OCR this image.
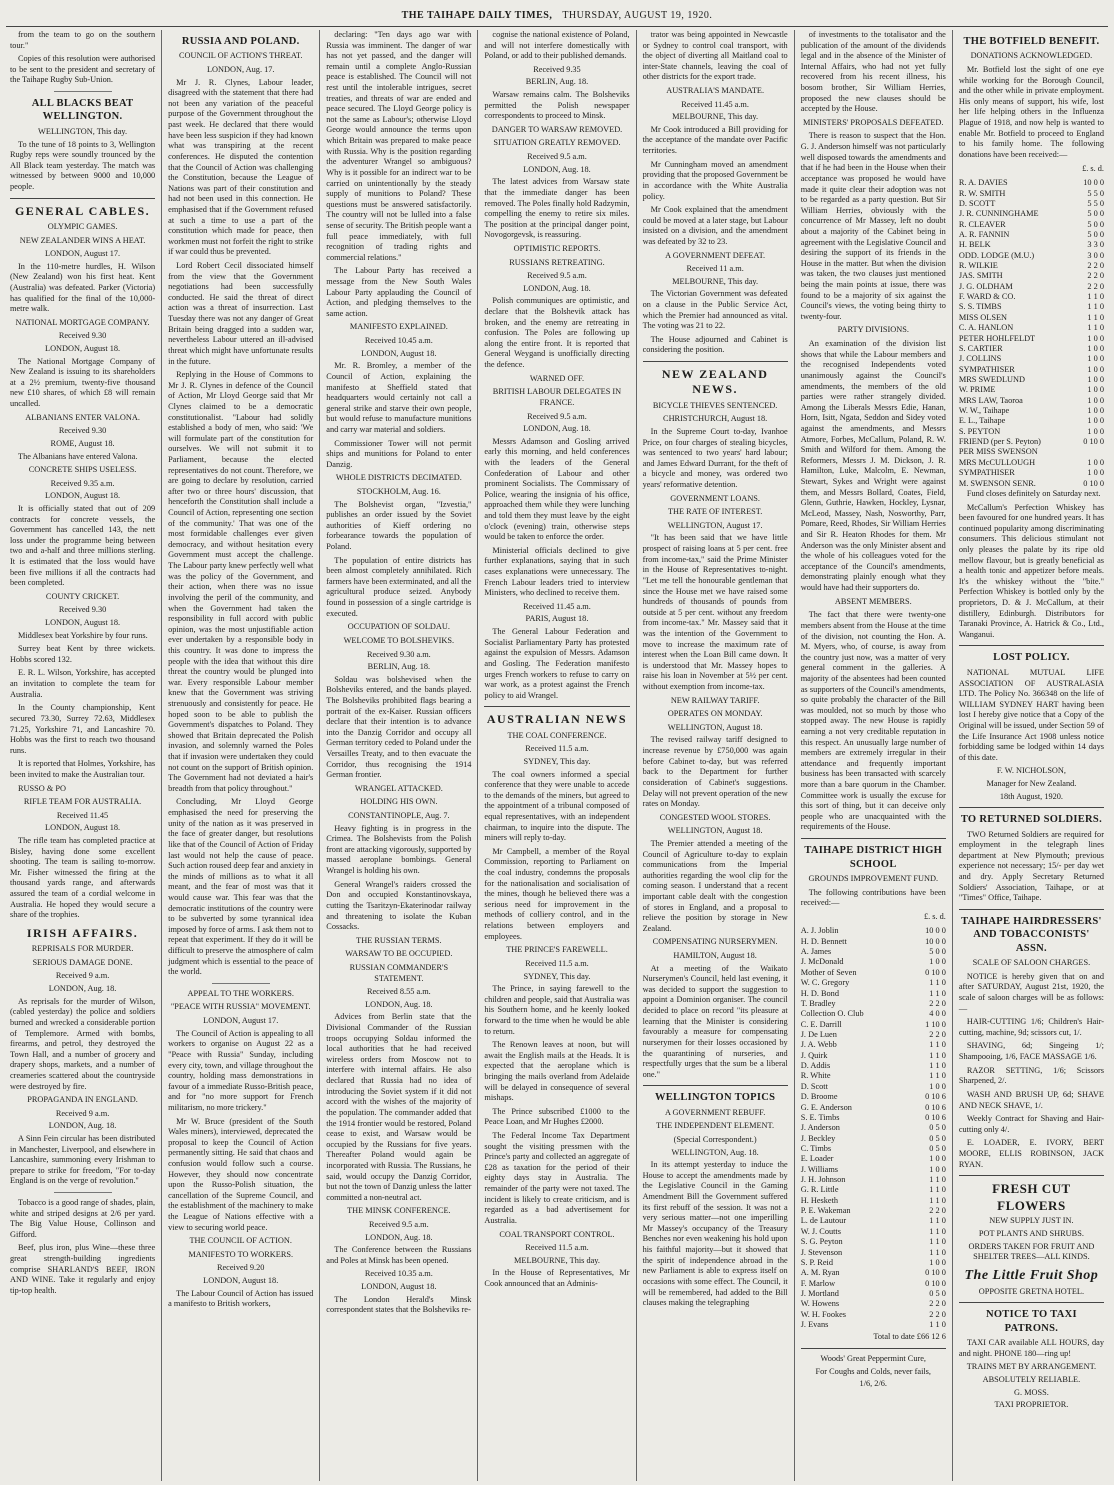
THE TAIHAPE DAILY TIMES, THURSDAY, AUGUST 19, 1920.

from the team to go on the southern tour."

Copies of this resolution were authorised to be sent to the president and secretary of the Taihape Rugby Sub-Union.

ALL BLACKS BEAT WELLINGTON.
WELLINGTON, This day.

To the tune of 18 points to 3, Wellington Rugby reps were soundly trounced by the All Black team yesterday. The match was witnessed by between 9000 and 10,000 people.

GENERAL CABLES.
OLYMPIC GAMES.
NEW ZEALANDER WINS A HEAT.
LONDON, August 17.

In the 110-metre hurdles, H. Wilson (New Zealand) won his first heat. Kent (Australia) was defeated. Parker (Victoria) has qualified for the final of the 10,000-metre walk.

NATIONAL MORTGAGE COMPANY.
Received 9.30
LONDON, August 18.

The National Mortgage Company of New Zealand is issuing to its shareholders at a 2½ premium, twenty-five thousand new £10 shares, of which £8 will remain uncalled.

ALBANIANS ENTER VALONA.
Received 9.30
ROME, August 18.

The Albanians have entered Valona.

CONCRETE SHIPS USELESS.
Received 9.35 a.m.
LONDON, August 18.

It is officially stated that out of 209 contracts for concrete vessels, the Government has cancelled 143, the nett loss under the programme being between two and a-half and three millions sterling. It is estimated that the loss would have been five millions if all the contracts had been completed.

COUNTY CRICKET.
Received 9.30
LONDON, August 18.

Middlesex beat Yorkshire by four runs.

Surrey beat Kent by three wickets. Hobbs scored 132.

E. R. L. Wilson, Yorkshire, has accepted an invitation to complete the team for Australia.

In the County championship, Kent secured 73.30, Surrey 72.63, Middlesex 71.25, Yorkshire 71, and Lancashire 70. Hobbs was the first to reach two thousand runs.

It is reported that Holmes, Yorkshire, has been invited to make the Australian tour.

RUSSO & PO

RIFLE TEAM FOR AUSTRALIA.
Received 11.45
LONDON, August 18.

The rifle team has completed practice at Bisley, having done some excellent shooting. The team is sailing to-morrow. Mr. Fisher witnessed the firing at the thousand yards range, and afterwards assured the team of a cordial welcome in Australia. He hoped they would secure a share of the trophies.

IRISH AFFAIRS.
REPRISALS FOR MURDER.
SERIOUS DAMAGE DONE.
Received 9 a.m.
LONDON, Aug. 18.

As reprisals for the murder of Wilson, (cabled yesterday) the police and soldiers burned and wrecked a considerable portion of Templemore. Armed with bombs, firearms, and petrol, they destroyed the Town Hall, and a number of grocery and drapery shops, markets, and a number of creameries scattered about the countryside were destroyed by fire.

PROPAGANDA IN ENGLAND.
Received 9 a.m.
LONDON, Aug. 18.

A Sinn Fein circular has been distributed in Manchester, Liverpool, and elsewhere in Lancashire, summoning every Irishman to prepare to strike for freedom, "For to-day England is on the verge of revolution."

Tobacco is a good range of shades, plain, white and striped designs at 2/6 per yard. The Big Value House, Collinson and Gifford.

Beef, plus iron, plus Wine—these three great strength-building ingredients comprise SHARLAND'S BEEF, IRON AND WINE. Take it regularly and enjoy tip-top health.

RUSSIA AND POLAND.
COUNCIL OF ACTION'S THREAT.
LONDON, Aug. 17.

Mr J. R. Clynes, Labour leader, disagreed with the statement that there had not been any variation of the peaceful purpose of the Government throughout the past week. He declared that there would have been less suspicion if they had known what was transpiring at the recent conferences. He disputed the contention that the Council of Action was challenging the Constitution, because the League of Nations was part of their constitution and had not been used in this connection. He emphasised that if the Government refused at such a time to use a part of the constitution which made for peace, then workmen must not forfeit the right to strike if war could thus be prevented.

Lord Robert Cecil dissociated himself from the view that the Government negotiations had been successfully conducted. He said the threat of direct action was a threat of insurrection. Last Tuesday there was not any danger of Great Britain being dragged into a sudden war, nevertheless Labour uttered an ill-advised threat which might have unfortunate results in the future.

Replying in the House of Commons to Mr J. R. Clynes in defence of the Council of Action, Mr Lloyd George said that Mr Clynes claimed to be a democratic constitutionalist. "Labour had solidly established a body of men, who said: 'We will formulate part of the constitution for ourselves. We will not submit it to Parliament, because the elected representatives do not count. Therefore, we are going to declare by resolution, carried after two or three hours' discussion, that henceforth the Constitution shall include a Council of Action, representing one section of the community.' That was one of the most formidable challenges ever given democracy, and without hesitation every Government must accept the challenge. The Labour party knew perfectly well what was the policy of the Government, and their action, when there was no issue involving the peril of the community, and when the Government had taken the responsibility in full accord with public opinion, was the most unjustifiable action ever undertaken by a responsible body in this country. It was done to impress the people with the idea that without this dire threat the country would be plunged into war. Every responsible Labour member knew that the Government was striving strenuously and consistently for peace. He hoped soon to be able to publish the Government's dispatches to Poland. They showed that Britain deprecated the Polish invasion, and solemnly warned the Poles that if invasion were undertaken they could not count on the support of British opinion. The Government had not deviated a hair's breadth from that policy throughout."

Concluding, Mr Lloyd George emphasised the need for preserving the unity of the nation as it was preserved in the face of greater danger, but resolutions like that of the Council of Action of Friday last would not help the cause of peace. Such action roused deep fear and anxiety in the minds of millions as to what it all meant, and the fear of most was that it would cause war. This fear was that the democratic institutions of the country were to be subverted by some tyrannical idea imposed by force of arms. I ask them not to repeat that experiment. If they do it will be difficult to preserve the atmosphere of calm judgment which is essential to the peace of the world.

APPEAL TO THE WORKERS.
"PEACE WITH RUSSIA" MOVEMENT.
LONDON, August 17.

The Council of Action is appealing to all workers to organise on August 22 as a "Peace with Russia" Sunday, including every city, town, and village throughout the country, holding mass demonstrations in favour of a immediate Russo-British peace, and for "no more support for French militarism, no more trickery."

Mr W. Bruce (president of the South Wales miners), interviewed, deprecated the proposal to keep the Council of Action permanently sitting. He said that chaos and confusion would follow such a course. However, they should now concentrate upon the Russo-Polish situation, the cancellation of the Supreme Council, and the establishment of the machinery to make the League of Nations effective with a view to securing world peace.

THE COUNCIL OF ACTION.
MANIFESTO TO WORKERS.
Received 9.20
LONDON, August 18.

The Labour Council of Action has issued a manifesto to British workers,

declaring: "Ten days ago war with Russia was imminent. The danger of war has not yet passed, and the danger will remain until a complete Anglo-Russian peace is established. The Council will not rest until the intolerable intrigues, secret treaties, and threats of war are ended and peace secured. The Lloyd George policy is not the same as Labour's; otherwise Lloyd George would announce the terms upon which Britain was prepared to make peace with Russia. Why is the position regarding the adventurer Wrangel so ambiguous? Why is it possible for an indirect war to be carried on unintentionally by the steady supply of munitions to Poland? These questions must be answered satisfactorily. The country will not be lulled into a false sense of security. The British people want a full peace immediately, with full recognition of trading rights and commercial relations."

The Labour Party has received a message from the New South Wales Labour Party applauding the Council of Action, and pledging themselves to the same action.

MANIFESTO EXPLAINED.
Received 10.45 a.m.
LONDON, August 18.

Mr. R. Bromley, a member of the Council of Action, explaining the manifesto at Sheffield stated that headquarters would certainly not call a general strike and starve their own people, but would refuse to manufacture munitions and carry war material and soldiers.

Commissioner Tower will not permit ships and munitions for Poland to enter Danzig.

WHOLE DISTRICTS DECIMATED.
STOCKHOLM, Aug. 16.

The Bolshevist organ, "Izvestia," publishes an order issued by the Soviet authorities of Kieff ordering no forbearance towards the population of Poland.

The population of entire districts has been almost completely annihilated. Rich farmers have been exterminated, and all the agricultural produce seized. Anybody found in possession of a single cartridge is executed.

OCCUPATION OF SOLDAU.
WELCOME TO BOLSHEVIKS.
Received 9.30 a.m.
BERLIN, Aug. 18.

Soldau was bolshevised when the Bolsheviks entered, and the bands played. The Bolsheviks prohibited flags bearing a portrait of the ex-Kaiser. Russian officers declare that their intention is to advance into the Danzig Corridor and occupy all German territory ceded to Poland under the Versailles Treaty, and to then evacuate the Corridor, thus recognising the 1914 German frontier.

WRANGEL ATTACKED.
HOLDING HIS OWN.
CONSTANTINOPLE, Aug. 7.

Heavy fighting is in progress in the Crimea. The Bolshevists from the Polish front are attacking vigorously, supported by massed aeroplane bombings. General Wrangel is holding his own.

General Wrangel's raiders crossed the Don and occupied Konstantinovskaya, cutting the Tsaritzyn-Ekaterinodar railway and threatening to isolate the Kuban Cossacks.

THE RUSSIAN TERMS.
WARSAW TO BE OCCUPIED.
RUSSIAN COMMANDER'S STATEMENT.
Received 8.55 a.m.
LONDON, Aug. 18.

Advices from Berlin state that the Divisional Commander of the Russian troops occupying Soldau informed the local authorities that he had received wireless orders from Moscow not to interfere with internal affairs. He also declared that Russia had no idea of introducing the Soviet system if it did not accord with the wishes of the majority of the population. The commander added that the 1914 frontier would be restored, Poland cease to exist, and Warsaw would be occupied by the Russians for five years. Thereafter Poland would again be incorporated with Russia. The Russians, he said, would occupy the Danzig Corridor, but not the town of Danzig unless the latter committed a non-neutral act.

THE MINSK CONFERENCE.
Received 9.5 a.m.
LONDON, Aug. 18.

The Conference between the Russians and Poles at Minsk has been opened.

Received 10.35 a.m.
LONDON, August 18.

The London Herald's Minsk correspondent states that the Bolsheviks re-

cognise the national existence of Poland, and will not interfere domestically with Poland, or add to their published demands.

Received 9.35
BERLIN, Aug. 18.

Warsaw remains calm. The Bolsheviks permitted the Polish newspaper correspondents to proceed to Minsk.

DANGER TO WARSAW REMOVED.
SITUATION GREATLY REMOVED.
Received 9.5 a.m.
LONDON, Aug. 18.

The latest advices from Warsaw state that the immediate danger has been removed. The Poles finally hold Radzymin, compelling the enemy to retire six miles. The position at the principal danger point, Novogorgevsk, is reassuring.

OPTIMISTIC REPORTS.
RUSSIANS RETREATING.
Received 9.5 a.m.
LONDON, Aug. 18.

Polish communiques are optimistic, and declare that the Bolshevik attack has broken, and the enemy are retreating in confusion. The Poles are following up along the entire front. It is reported that General Weygand is unofficially directing the defence.

WARNED OFF.
BRITISH LABOUR DELEGATES IN FRANCE.
Received 9.5 a.m.
LONDON, Aug. 18.

Messrs Adamson and Gosling arrived early this morning, and held conferences with the leaders of the General Confederation of Labour and other prominent Socialists. The Commissary of Police, wearing the insignia of his office, approached them while they were lunching and told them they must leave by the eight o'clock (evening) train, otherwise steps would be taken to enforce the order.

Ministerial officials declined to give further explanations, saying that in such cases explanations were unnecessary. The French Labour leaders tried to interview Ministers, who declined to receive them.

Received 11.45 a.m.
PARIS, August 18.

The General Labour Federation and Socialist Parliamentary Party has protested against the expulsion of Messrs. Adamson and Gosling. The Federation manifesto urges French workers to refuse to carry on war work, as a protest against the French policy to aid Wrangel.

AUSTRALIAN NEWS
THE COAL CONFERENCE.
Received 11.5 a.m.
SYDNEY, This day.

The coal owners informed a special conference that they were unable to accede to the demands of the miners, but agreed to the appointment of a tribunal composed of equal representatives, with an independent chairman, to inquire into the dispute. The miners will reply to-day.

Mr Campbell, a member of the Royal Commission, reporting to Parliament on the coal industry, condemns the proposals for the nationalisation and socialisation of the mines, though he believed there was a serious need for improvement in the methods of colliery control, and in the relations between employers and employees.

THE PRINCE'S FAREWELL.
Received 11.5 a.m.
SYDNEY, This day.

The Prince, in saying farewell to the children and people, said that Australia was his Southern home, and he keenly looked forward to the time when he would be able to return.

The Renown leaves at noon, but will await the English mails at the Heads. It is expected that the aeroplane which is bringing the mails overland from Adelaide will be delayed in consequence of several mishaps.

The Prince subscribed £1000 to the Peace Loan, and Mr Hughes £2000.

The Federal Income Tax Department sought the visiting pressmen with the Prince's party and collected an aggregate of £28 as taxation for the period of their eighty days stay in Australia. The remainder of the party were not taxed. The incident is likely to create criticism, and is regarded as a bad advertisement for Australia.

COAL TRANSPORT CONTROL.
Received 11.5 a.m.
MELBOURNE, This day.

In the House of Representatives, Mr Cook announced that an Adminis-

trator was being appointed in Newcastle or Sydney to control coal transport, with the object of diverting all Maitland coal to inter-State channels, leaving the coal of other districts for the export trade.

AUSTRALIA'S MANDATE.
Received 11.45 a.m.
MELBOURNE, This day.

Mr Cook introduced a Bill providing for the acceptance of the mandate over Pacific territories.

Mr Cunningham moved an amendment providing that the proposed Government be in accordance with the White Australia policy.

Mr Cook explained that the amendment could be moved at a later stage, but Labour insisted on a division, and the amendment was defeated by 32 to 23.

A GOVERNMENT DEFEAT.
Received 11 a.m.
MELBOURNE, This day.

The Victorian Government was defeated on a clause in the Public Service Act, which the Premier had announced as vital. The voting was 21 to 22.

The House adjourned and Cabinet is considering the position.

NEW ZEALAND NEWS.
BICYCLE THIEVES SENTENCED.
CHRISTCHURCH, August 18.

In the Supreme Court to-day, Ivanhoe Price, on four charges of stealing bicycles, was sentenced to two years' hard labour; and James Edward Durrant, for the theft of a bicycle and money, was ordered two years' reformative detention.

GOVERNMENT LOANS.
THE RATE OF INTEREST.
WELLINGTON, August 17.

"It has been said that we have little prospect of raising loans at 5 per cent. free from income-tax," said the Prime Minister in the House of Representatives to-night. "Let me tell the honourable gentleman that since the House met we have raised some hundreds of thousands of pounds from outside at 5 per cent. without any freedom from income-tax." Mr. Massey said that it was the intention of the Government to move to increase the maximum rate of interest when the Loan Bill came down. It is understood that Mr. Massey hopes to raise his loan in November at 5½ per cent. without exemption from income-tax.

NEW RAILWAY TARIFF.
OPERATES ON MONDAY.
WELLINGTON, August 18.

The revised railway tariff designed to increase revenue by £750,000 was again before Cabinet to-day, but was referred back to the Department for further consideration of Cabinet's suggestions. Delay will not prevent operation of the new rates on Monday.

CONGESTED WOOL STORES.
WELLINGTON, August 18.

The Premier attended a meeting of the Council of Agriculture to-day to explain communications from the Imperial authorities regarding the wool clip for the coming season. I understand that a recent important cable dealt with the congestion of stores in England, and a proposal to relieve the position by storage in New Zealand.

COMPENSATING NURSERYMEN.
HAMILTON, August 18.

At a meeting of the Waikato Nurserymen's Council, held last evening, it was decided to support the suggestion to appoint a Dominion organiser. The council decided to place on record "its pleasure at learning that the Minister is considering favourably a measure for compensating nurserymen for their losses occasioned by the quarantining of nurseries, and respectfully urges that the sum be a liberal one."

WELLINGTON TOPICS
A GOVERNMENT REBUFF.
THE INDEPENDENT ELEMENT.
(Special Correspondent.)
WELLINGTON, Aug. 18.

In its attempt yesterday to induce the House to accept the amendments made by the Legislative Council in the Gaming Amendment Bill the Government suffered its first rebuff of the session. It was not a very serious matter—not one imperilling Mr Massey's occupancy of the Treasury Benches nor even weakening his hold upon his faithful majority—but it showed that the spirit of independence abroad in the new Parliament is able to express itself on occasions with some effect. The Council, it will be remembered, had added to the Bill clauses making the telegraphing

of investments to the totalisator and the publication of the amount of the dividends legal and in the absence of the Minister of Internal Affairs, who had not yet fully recovered from his recent illness, his bosom brother, Sir William Herries, proposed the new clauses should be accepted by the House.

MINISTERS' PROPOSALS DEFEATED.

There is reason to suspect that the Hon. G. J. Anderson himself was not particularly well disposed towards the amendments and that if he had been in the House when their acceptance was proposed he would have made it quite clear their adoption was not to be regarded as a party question. But Sir William Herries, obviously with the concurrence of Mr Massey, left no doubt about a majority of the Cabinet being in agreement with the Legislative Council and desiring the support of its friends in the House in the matter. But when the division was taken, the two clauses just mentioned being the main points at issue, there was found to be a majority of six against the Council's views, the voting being thirty to twenty-four.

PARTY DIVISIONS.

An examination of the division list shows that while the Labour members and the recognised Independents voted unanimously against the Council's amendments, the members of the old parties were rather strangely divided. Among the Liberals Messrs Edie, Hanan, Horn, Isitt, Ngata, Seddon and Sidey voted against the amendments, and Messrs Atmore, Forbes, McCallum, Poland, R. W. Smith and Wilford for them. Among the Reformers, Messrs J. M. Dickson, J. R. Hamilton, Luke, Malcolm, E. Newman, Stewart, Sykes and Wright were against them, and Messrs Bollard, Coates, Field, Glenn, Guthrie, Hawken, Hockley, Lysnar, McLeod, Massey, Nash, Nosworthy, Parr, Pomare, Reed, Rhodes, Sir William Herries and Sir R. Heaton Rhodes for them. Mr Anderson was the only Minister absent and the whole of his colleagues voted for the acceptance of the Council's amendments, demonstrating plainly enough what they would have had their supporters do.

ABSENT MEMBERS.

The fact that there were twenty-one members absent from the House at the time of the division, not counting the Hon. A. M. Myers, who, of course, is away from the country just now, was a matter of very general comment in the galleries. A majority of the absentees had been counted as supporters of the Council's amendments, so quite probably the character of the Bill was moulded, not so much by those who stopped away. The new House is rapidly earning a not very creditable reputation in this respect. An unusually large number of members are extremely irregular in their attendance and frequently important business has been transacted with scarcely more than a bare quorum in the Chamber. Committee work is usually the excuse for this sort of thing, but it can deceive only people who are unacquainted with the requirements of the House.

TAIHAPE DISTRICT HIGH SCHOOL
GROUNDS IMPROVEMENT FUND.

The following contributions have been received:—

£. s. d.
A. J. Joblin	10 0 0
H. D. Bennett	10 0 0
A. James	5 0 0
J. McDonald	1 0 0
Mother of Seven	0 10 0
W. C. Gregory	1 1 0
H. D. Bond	1 1 0
T. Bradley	2 2 0
Collection O. Club	4 0 0
C. E. Darrill	1 10 0
J. De Luen	2 2 0
J. A. Webb	1 1 0
J. Quirk	1 1 0
D. Addis	1 1 0
R. White	1 1 0
D. Scott	1 0 0
D. Broome	0 10 6
G. E. Anderson	0 10 6
S. E. Timbs	0 10 6
J. Anderson	0 5 0
J. Beckley	0 5 0
C. Timbs	0 5 0
E. Loader	1 0 0
J. Williams	1 0 0
J. H. Johnson	1 1 0
G. R. Little	1 1 0
H. Hesketh	1 1 0
P. E. Wakeman	2 2 0
L. de Lautour	1 1 0
W. J. Coutts	1 1 0
S. G. Peyton	1 1 0
J. Stevenson	1 1 0
S. P. Reid	1 0 0
A. M. Ryan	0 10 0
F. Marlow	0 10 0
J. Mortland	0 5 0
W. Howens	2 2 0
W. H. Fookes	2 2 0
J. Evans	1 1 0
Total to date £66 12 6
Woods' Great Peppermint Cure,
For Coughs and Colds, never fails,
1/6, 2/6.
THE BOTFIELD BENEFIT.
DONATIONS ACKNOWLEDGED.

Mr. Botfield lost the sight of one eye while working for the Borough Council, and the other while in private employment. His only means of support, his wife, lost her life helping others in the Influenza Plague of 1918, and now help is wanted to enable Mr. Botfield to proceed to England to his family home. The following donations have been received:—

£. s. d.
R. A. DAVIES	10 0 0
R. W. SMITH	5 5 0
D. SCOTT	5 5 0
J. R. CUNNINGHAME	5 0 0
R. CLEAVER	5 0 0
A. R. FANNIN	5 0 0
H. BELK	3 3 0
ODD. LODGE (M.U.)	3 0 0
R. WILKIE	2 2 0
JAS. SMITH	2 2 0
J. G. OLDHAM	2 2 0
F. WARD & CO.	1 1 0
S. S. TIMBS	1 1 0
MISS OLSEN	1 1 0
C. A. HANLON	1 1 0
PETER HOHLFELDT	1 0 0
S. CARTIER	1 0 0
J. COLLINS	1 0 0
SYMPATHISER	1 0 0
MRS SWEDLUND	1 0 0
W. PRIME	1 0 0
MRS LAW, Taoroa	1 0 0
W. W., Taihape	1 0 0
E. L., Taihape	1 0 0
S. PEYTON	1 0 0
FRIEND (per S. Peyton)	0 10 0
PER MISS SWENSON	
MRS McCULLOUGH	1 0 0
SYMPATHISER	1 0 0
M. SWENSON SENR.	0 10 0

Fund closes definitely on Saturday next.

McCallum's Perfection Whiskey has been favoured for one hundred years. It has continued popularity among discriminating consumers. This delicious stimulant not only pleases the palate by its ripe old mellow flavour, but is greatly beneficial as a health tonic and appetizer before meals. It's the whiskey without the "bite." Perfection Whiskey is bottled only by the proprietors, D. & J. McCallum, at their distillery, Edinburgh. Distributors for Taranaki Province, A. Hatrick & Co., Ltd., Wanganui.

LOST POLICY.

NATIONAL MUTUAL LIFE ASSOCIATION OF AUSTRALASIA LTD. The Policy No. 366348 on the life of WILLIAM SYDNEY HART having been lost I hereby give notice that a Copy of the Original will be issued, under Section 59 of the Life Insurance Act 1908 unless notice forbidding same be lodged within 14 days of this date.

F. W. NICHOLSON,
Manager for New Zealand.
18th August, 1920.
TO RETURNED SOLDIERS.

TWO Returned Soldiers are required for employment in the telegraph lines department at New Plymouth; previous experience not necessary; 15/- per day wet and dry. Apply Secretary Returned Soldiers' Association, Taihape, or at "Times" Office, Taihape.

TAIHAPE HAIRDRESSERS' AND TOBACCONISTS' ASSN.
SCALE OF SALOON CHARGES.

NOTICE is hereby given that on and after SATURDAY, August 21st, 1920, the scale of saloon charges will be as follows:—

HAIR-CUTTING 1/6; Children's Hair-cutting, machine, 9d; scissors cut, 1/.

SHAVING, 6d; Singeing 1/; Shampooing, 1/6, FACE MASSAGE 1/6.

RAZOR SETTING, 1/6; Scissors Sharpened, 2/.

WASH AND BRUSH UP, 6d; SHAVE AND NECK SHAVE, 1/.

Weekly Contract for Shaving and Hair-cutting only 4/.

E. LOADER, E. IVORY, BERT MOORE, ELLIS ROBINSON, JACK RYAN.

FRESH CUT FLOWERS
NEW SUPPLY JUST IN.
POT PLANTS AND SHRUBS.
ORDERS TAKEN FOR FRUIT AND SHELTER TREES—ALL KINDS.
The Little Fruit Shop
OPPOSITE GRETNA HOTEL.
NOTICE TO TAXI PATRONS.

TAXI CAR available ALL HOURS, day and night. PHONE 180—ring up!

TRAINS MET BY ARRANGEMENT.
ABSOLUTELY RELIABLE.
G. MOSS.
TAXI PROPRIETOR.
